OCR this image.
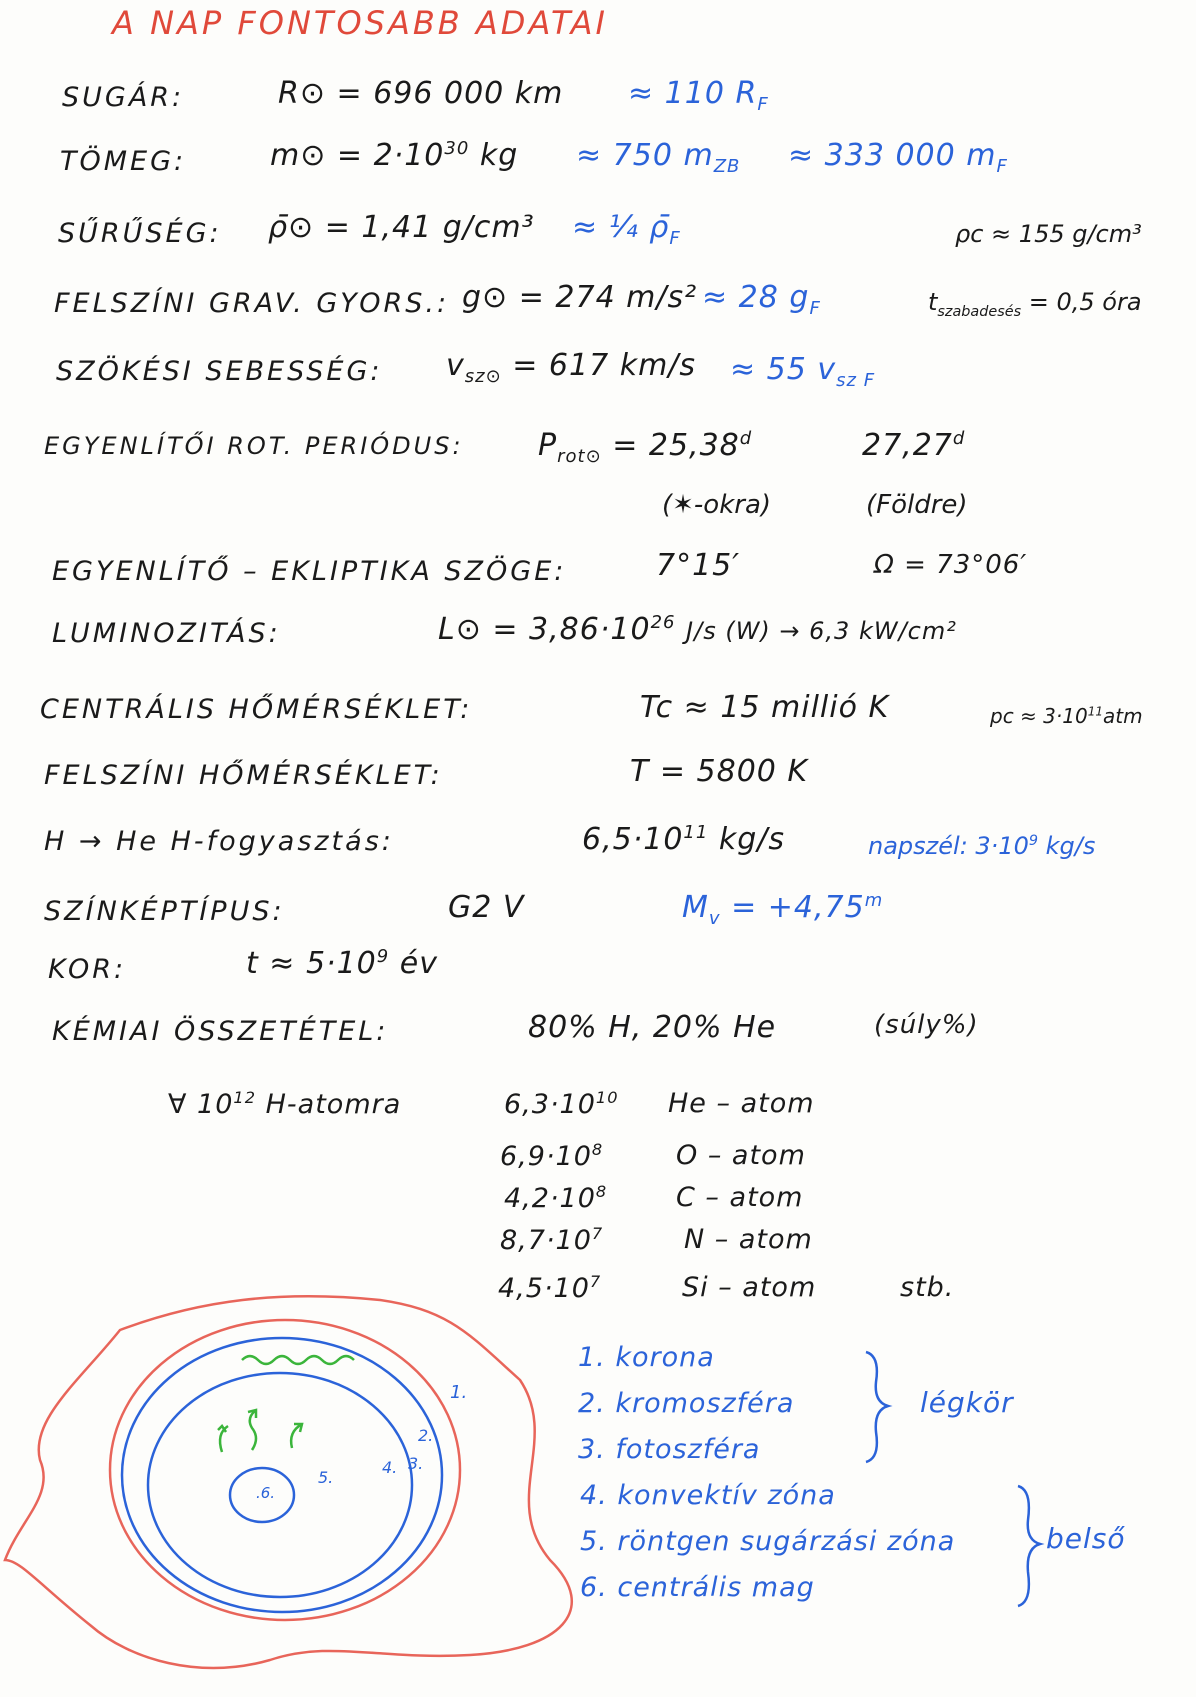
A NAP FONTOSABB ADATAI
SUGÁR:	R⊙ = 696 000 km ≈ 110 $R_F$
TÖMEG:	m⊙ = $2\cdot 10^{30}$ kg ≈ 750 $m_{ZB} \approx 333$ 000 $m_F$
SŰRŰSÉG: ρ̄⊙ = 1,41 g/cm³ ≈ ¼ $\rhō_F$	ρc ≈ 155 g/cm³
FELSZÍNI GRAV. GYORS.: g⊙ = 274 m/s² ≈ 28 $g_F$	$t_{szabadesés} = 0,5$ óra
SZÖKÉSI SEBESSÉG: $v_{sz⊙} = 617$ km/s ≈ 55 $v_{sz F}$
EGYENLÍTŐI ROT. PERIÓDUS: $P_{rot⊙} = 25,38^d$	27,27$^d$
(✶-okra)	(Földre)
EGYENLÍTŐ – EKLIPTIKA SZÖGE:	7°15′	Ω = 73°06′
LUMINOZITÁS:	L⊙ = $3,86\cdot 10^{26}$ J/s (W) → 6,3 kW/cm²
CENTRÁLIS HŐMÉRSÉKLET:	Tc ≈ 15 millió K	pc ≈ $3\cdot 10^{11}atm$
FELSZÍNI HŐMÉRSÉKLET:	T = 5800 K
H → He H-fogyasztás:	$6,5\cdot 10^{11}$ kg/s	napszél: $3\cdot 10^9$ kg/s
SZÍNKÉPTÍPUS:	G2 V	$M_v = +4,75^m$
KOR:	$t \approx 5\cdot 10^9$ év
KÉMIAI ÖSSZETÉTEL:	80% H, 20% He	(súly%)
∀ $10^{12}$ H-atomra	$6,3\cdot 10^{10}$ He – atom
$6,9\cdot 10^8$	O – atom
$4,2\cdot 10^8$	C – atom
$8,7\cdot 10^7$	N – atom
$4,5\cdot 10^7$	Si – atom	stb.
1.
2.
3.
4.
5.
.6.
1. korona
2. kromoszféra
3. fotoszféra
4. konvektív zóna
5. röntgen sugárzási zóna
6. centrális mag
légkör
belső
